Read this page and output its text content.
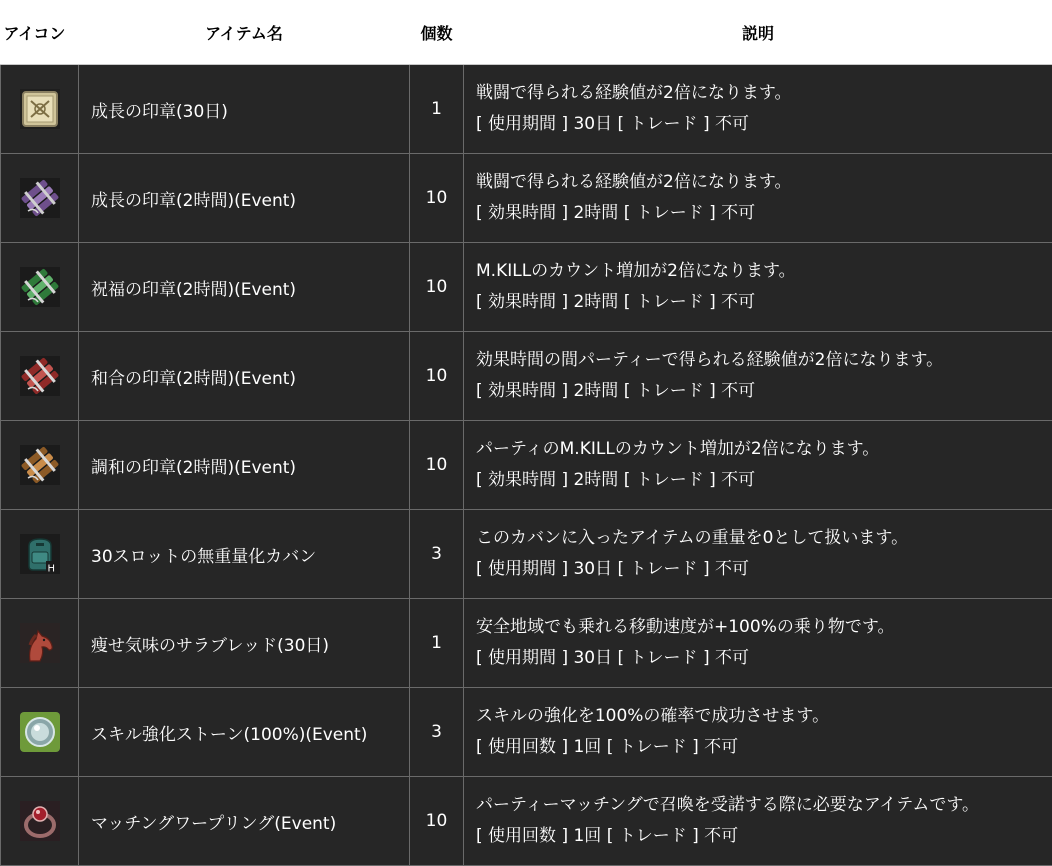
アイコン	アイテム名	個数	説明

	成長の印章(30日)	1	戦闘で得られる経験値が2倍になります。
[ 使用期間 ] 30日 [ トレード ] 不可

	成長の印章(2時間)(Event)	10	戦闘で得られる経験値が2倍になります。
[ 効果時間 ] 2時間 [ トレード ] 不可

	祝福の印章(2時間)(Event)	10	M.KILLのカウント増加が2倍になります。
[ 効果時間 ] 2時間 [ トレード ] 不可

	和合の印章(2時間)(Event)	10	効果時間の間パーティーで得られる経験値が2倍になります。
[ 効果時間 ] 2時間 [ トレード ] 不可

	調和の印章(2時間)(Event)	10	パーティのM.KILLのカウント増加が2倍になります。
[ 効果時間 ] 2時間 [ トレード ] 不可

H	30スロットの無重量化カバン	3	このカバンに入ったアイテムの重量を0として扱います。
[ 使用期間 ] 30日 [ トレード ] 不可

	痩せ気味のサラブレッド(30日)	1	安全地域でも乗れる移動速度が+100%の乗り物です。
[ 使用期間 ] 30日 [ トレード ] 不可

	スキル強化ストーン(100%)(Event)	3	スキルの強化を100%の確率で成功させます。
[ 使用回数 ] 1回 [ トレード ] 不可

	マッチングワープリング(Event)	10	パーティーマッチングで召喚を受諾する際に必要なアイテムです。
[ 使用回数 ] 1回 [ トレード ] 不可
